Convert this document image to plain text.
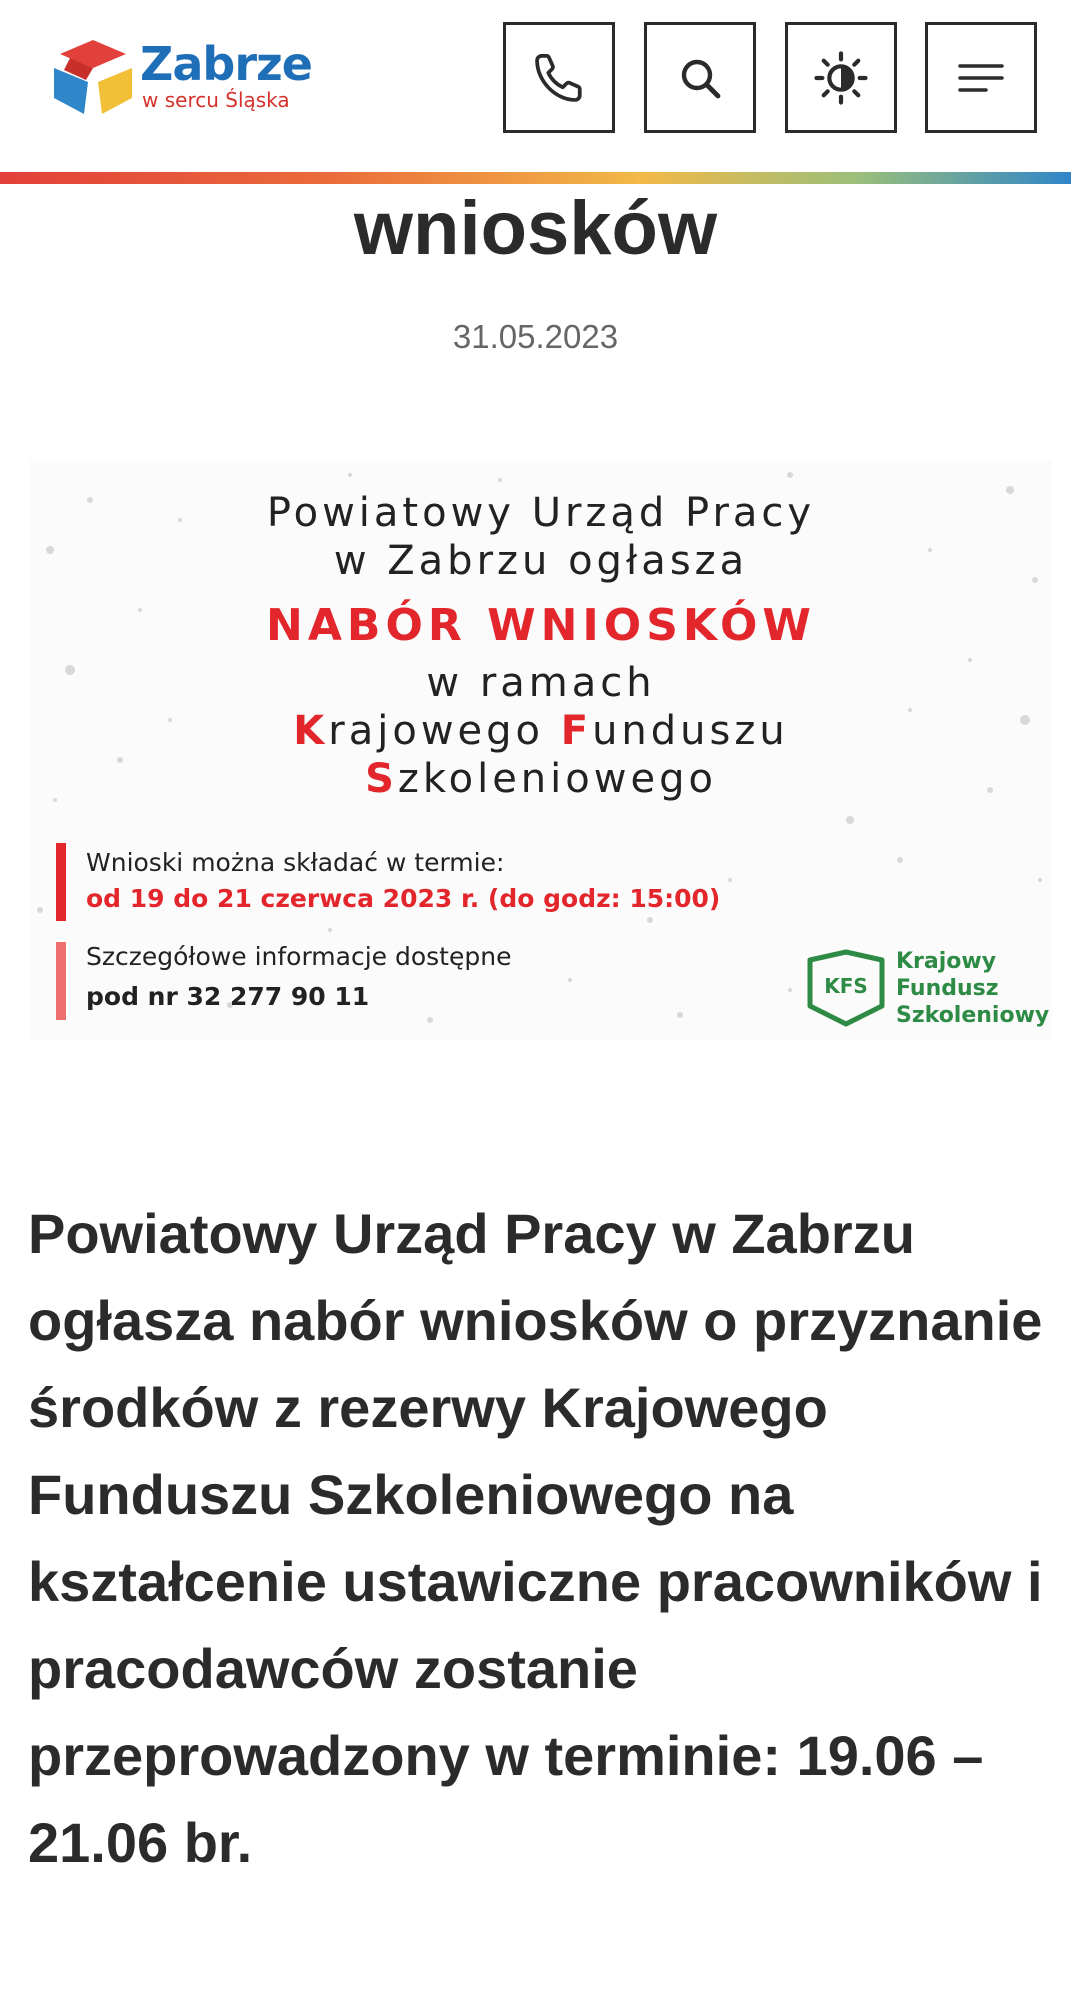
Zabrze
w sercu Śląska
wniosków
31.05.2023
Powiatowy Urząd Pracy
w Zabrzu ogłasza
NABÓR WNIOSKÓW
w ramach
Krajowego Funduszu
Szkoleniowego
Wnioski można składać w termie:
od 19 do 21 czerwca 2023 r. (do godz: 15:00)
Szczegółowe informacje dostępne
pod nr 32 277 90 11	KFS
Krajowy
Fundusz
Szkoleniowy

Powiatowy Urząd Pracy w Zabrzu ogłasza nabór wniosków o przyznanie środków z rezerwy Krajowego Funduszu Szkoleniowego na kształcenie ustawiczne pracowników i pracodawców zostanie przeprowadzony w terminie: 19.06 – 21.06 br.
